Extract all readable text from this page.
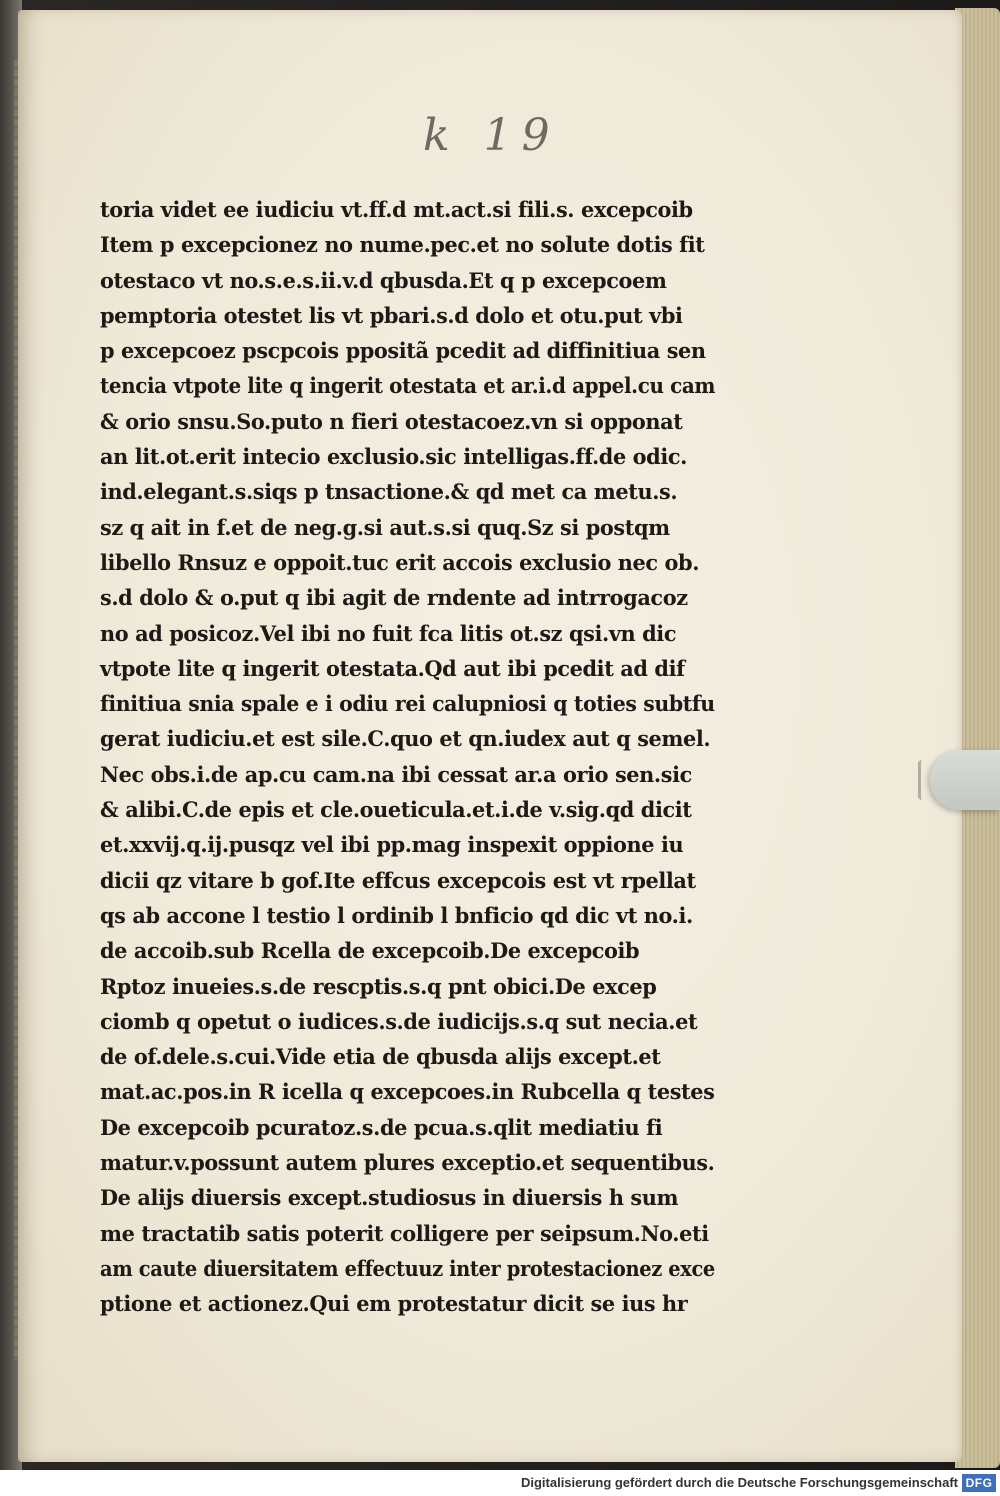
k 19
toria videt ee iudiciu vt.ff.d mt.act.si fili.s. excepcoib
Item p excepcionez no nume.pec.et no solute dotis fit
otestaco vt no.s.e.s.ii.v.d qbusda.Et q p excepcoem
pemptoria otestet lis vt pbari.s.d dolo et otu.put vbi
p excepcoez pscpcois ppositã pcedit ad diffinitiua sen
tencia vtpote lite q ingerit otestata et ar.i.d appel.cu cam
& orio snsu.So.puto n fieri otestacoez.vn si opponat
an lit.ot.erit intecio exclusio.sic intelligas.ff.de odic.
ind.elegant.s.siqs p tnsactione.& qd met ca metu.s.
sz q ait in f.et de neg.g.si aut.s.si quq.Sz si postqm
libello Rnsuz e oppoit.tuc erit accois exclusio nec ob.
s.d dolo & o.put q ibi agit de rndente ad intrrogacoz
no ad posicoz.Vel ibi no fuit fca litis ot.sz qsi.vn dic
vtpote lite q ingerit otestata.Qd aut ibi pcedit ad dif
finitiua snia spale e i odiu rei calupniosi q toties subtfu
gerat iudiciu.et est sile.C.quo et qn.iudex aut q semel.
Nec obs.i.de ap.cu cam.na ibi cessat ar.a orio sen.sic
& alibi.C.de epis et cle.oueticula.et.i.de v.sig.qd dicit
et.xxvij.q.ij.pusqz vel ibi pp.mag inspexit oppione iu
dicii qz vitare b gof.Ite effcus excepcois est vt rpellat
qs ab accone l testio l ordinib l bnficio qd dic vt no.i.
de accoib.sub Rcella de excepcoib.De excepcoib
Rptoz inueies.s.de rescptis.s.q pnt obici.De excep
ciomb q opetut o iudices.s.de iudicijs.s.q sut necia.et
de of.dele.s.cui.Vide etia de qbusda alijs except.et
mat.ac.pos.in R icella q excepcoes.in Rubcella q testes
De excepcoib pcuratoz.s.de pcua.s.qlit mediatiu fi
matur.v.possunt autem plures exceptio.et sequentibus.
De alijs diuersis except.studiosus in diuersis h sum
me tractatib satis poterit colligere per seipsum.No.eti
am caute diuersitatem effectuuz inter protestacionez exce
ptione et actionez.Qui em protestatur dicit se ius hr
Digitalisierung gefördert durch die Deutsche Forschungsgemeinschaft DFG
